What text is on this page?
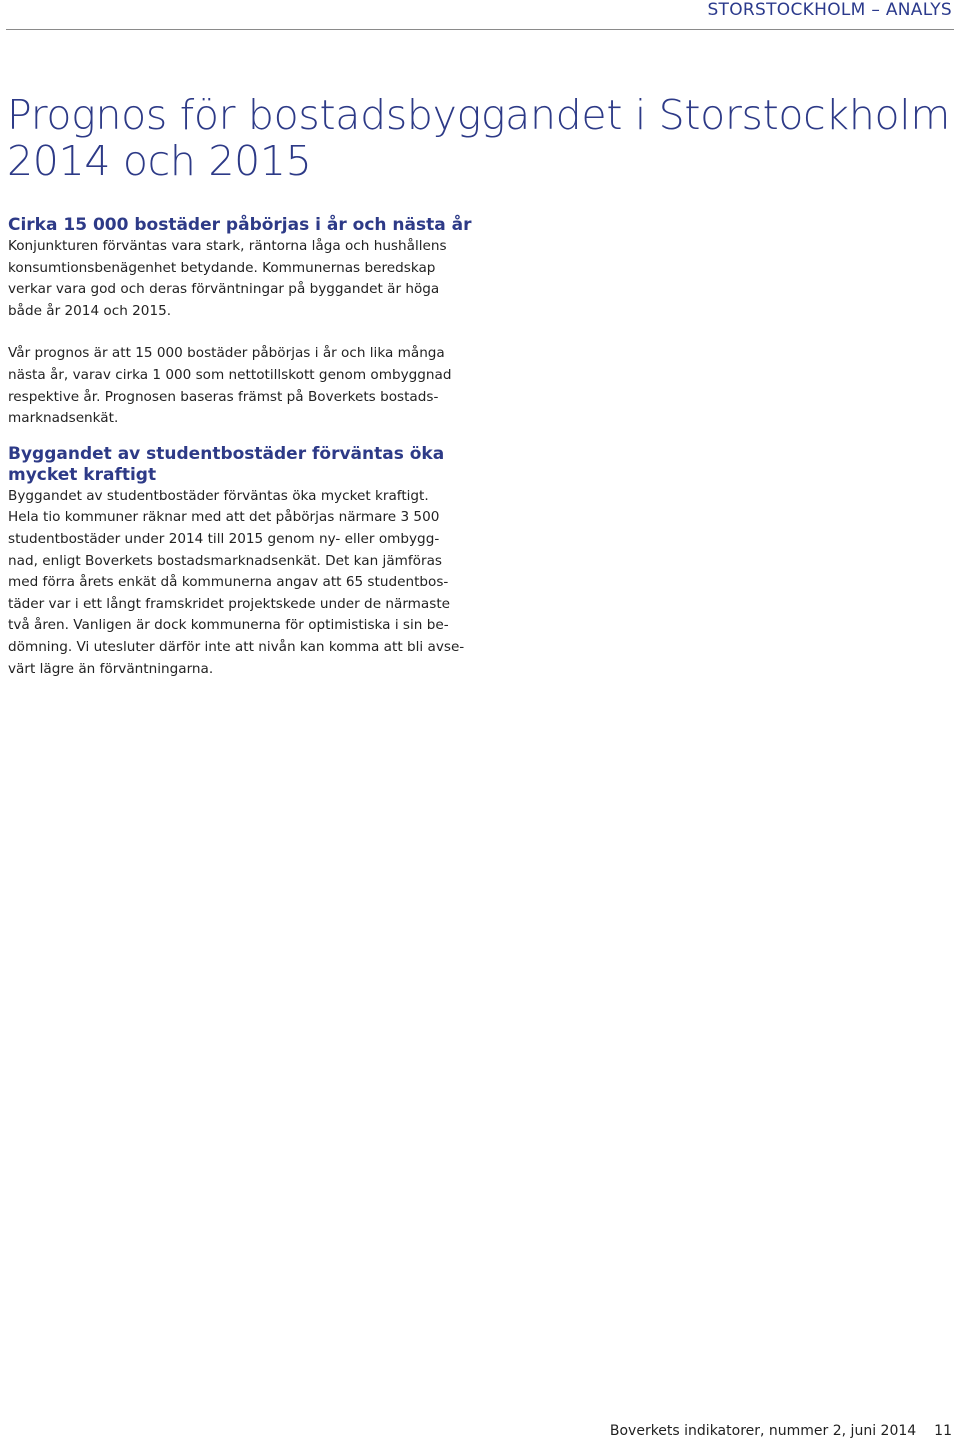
STORSTOCKHOLM – ANALYS
Prognos för bostadsbyggandet i Storstockholm
2014 och 2015
Cirka 15 000 bostäder påbörjas i år och nästa år

Konjunkturen förväntas vara stark, räntorna låga och hushållens
konsumtionsbenägenhet betydande. Kommunernas beredskap
verkar vara god och deras förväntningar på byggandet är höga
både år 2014 och 2015.

Vår prognos är att 15 000 bostäder påbörjas i år och lika många
nästa år, varav cirka 1 000 som nettotillskott genom ombyggnad
respektive år. Prognosen baseras främst på Boverkets bostads-
marknadsenkät.

Byggandet av studentbostäder förväntas öka
mycket kraftigt

Byggandet av studentbostäder förväntas öka mycket kraftigt.
Hela tio kommuner räknar med att det påbörjas närmare 3 500
studentbostäder under 2014 till 2015 genom ny- eller ombygg-
nad, enligt Boverkets bostadsmarknadsenkät. Det kan jämföras
med förra årets enkät då kommunerna angav att 65 studentbos-
täder var i ett långt framskridet projektskede under de närmaste
två åren. Vanligen är dock kommunerna för optimistiska i sin be-
dömning. Vi utesluter därför inte att nivån kan komma att bli avse-
värt lägre än förväntningarna.

Boverkets indikatorer, nummer 2, juni 2014 11
